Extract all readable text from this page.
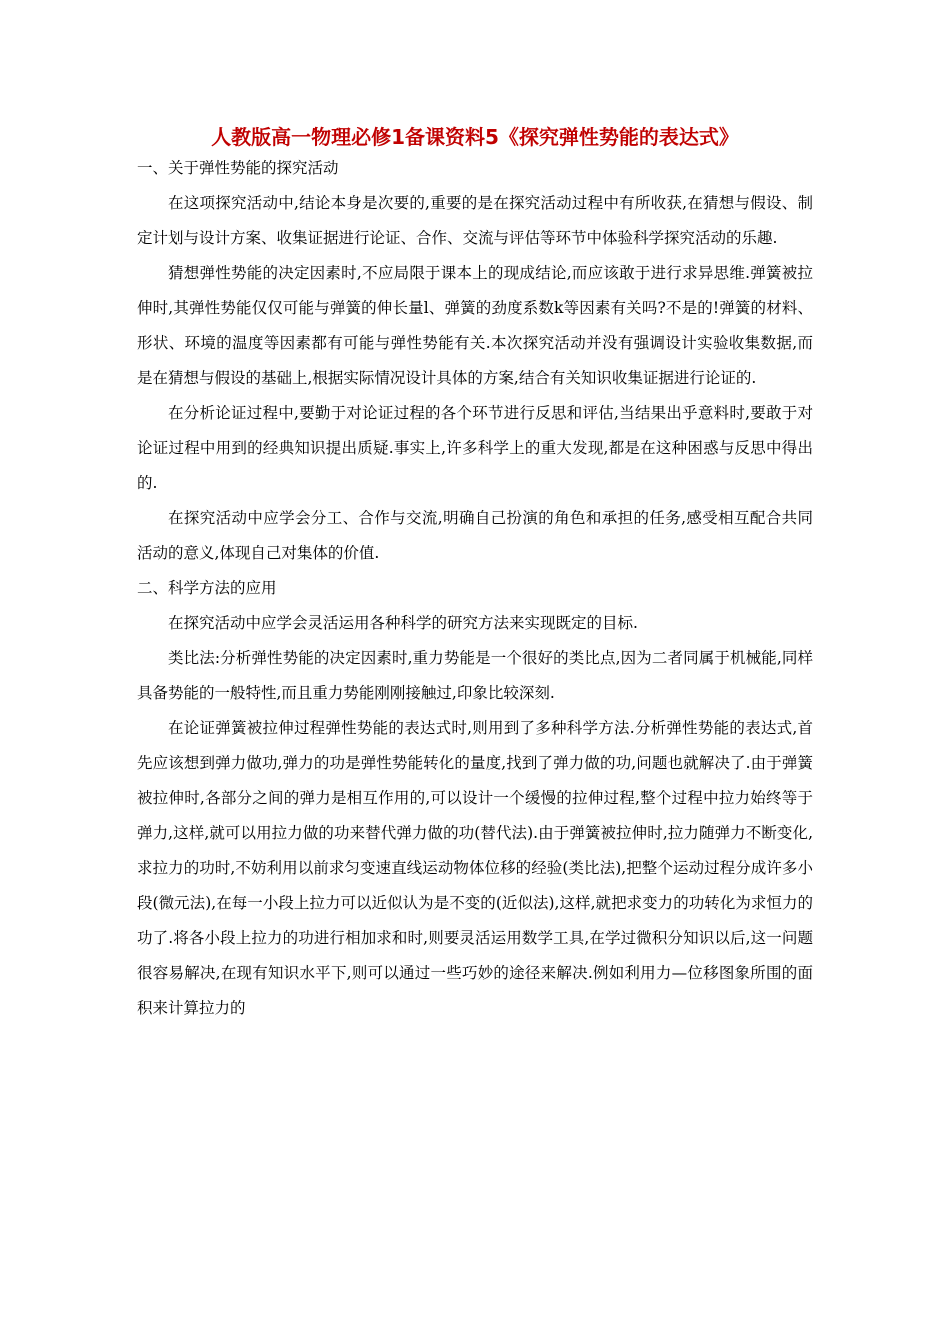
人教版高一物理必修1备课资料5《探究弹性势能的表达式》

一、关于弹性势能的探究活动

在这项探究活动中,结论本身是次要的,重要的是在探究活动过程中有所收获,在猜想与假设、制定计划与设计方案、收集证据进行论证、合作、交流与评估等环节中体验科学探究活动的乐趣.

猜想弹性势能的决定因素时,不应局限于课本上的现成结论,而应该敢于进行求异思维.弹簧被拉伸时,其弹性势能仅仅可能与弹簧的伸长量l、弹簧的劲度系数k等因素有关吗?不是的!弹簧的材料、形状、环境的温度等因素都有可能与弹性势能有关.本次探究活动并没有强调设计实验收集数据,而是在猜想与假设的基础上,根据实际情况设计具体的方案,结合有关知识收集证据进行论证的.

在分析论证过程中,要勤于对论证过程的各个环节进行反思和评估,当结果出乎意料时,要敢于对论证过程中用到的经典知识提出质疑.事实上,许多科学上的重大发现,都是在这种困惑与反思中得出的.

在探究活动中应学会分工、合作与交流,明确自己扮演的角色和承担的任务,感受相互配合共同活动的意义,体现自己对集体的价值.

二、科学方法的应用

在探究活动中应学会灵活运用各种科学的研究方法来实现既定的目标.

类比法:分析弹性势能的决定因素时,重力势能是一个很好的类比点,因为二者同属于机械能,同样具备势能的一般特性,而且重力势能刚刚接触过,印象比较深刻.

在论证弹簧被拉伸过程弹性势能的表达式时,则用到了多种科学方法.分析弹性势能的表达式,首先应该想到弹力做功,弹力的功是弹性势能转化的量度,找到了弹力做的功,问题也就解决了.由于弹簧被拉伸时,各部分之间的弹力是相互作用的,可以设计一个缓慢的拉伸过程,整个过程中拉力始终等于弹力,这样,就可以用拉力做的功来替代弹力做的功(替代法).由于弹簧被拉伸时,拉力随弹力不断变化,求拉力的功时,不妨利用以前求匀变速直线运动物体位移的经验(类比法),把整个运动过程分成许多小段(微元法),在每一小段上拉力可以近似认为是不变的(近似法),这样,就把求变力的功转化为求恒力的功了.将各小段上拉力的功进行相加求和时,则要灵活运用数学工具,在学过微积分知识以后,这一问题很容易解决,在现有知识水平下,则可以通过一些巧妙的途径来解决.例如利用力—位移图象所围的面积来计算拉力的
